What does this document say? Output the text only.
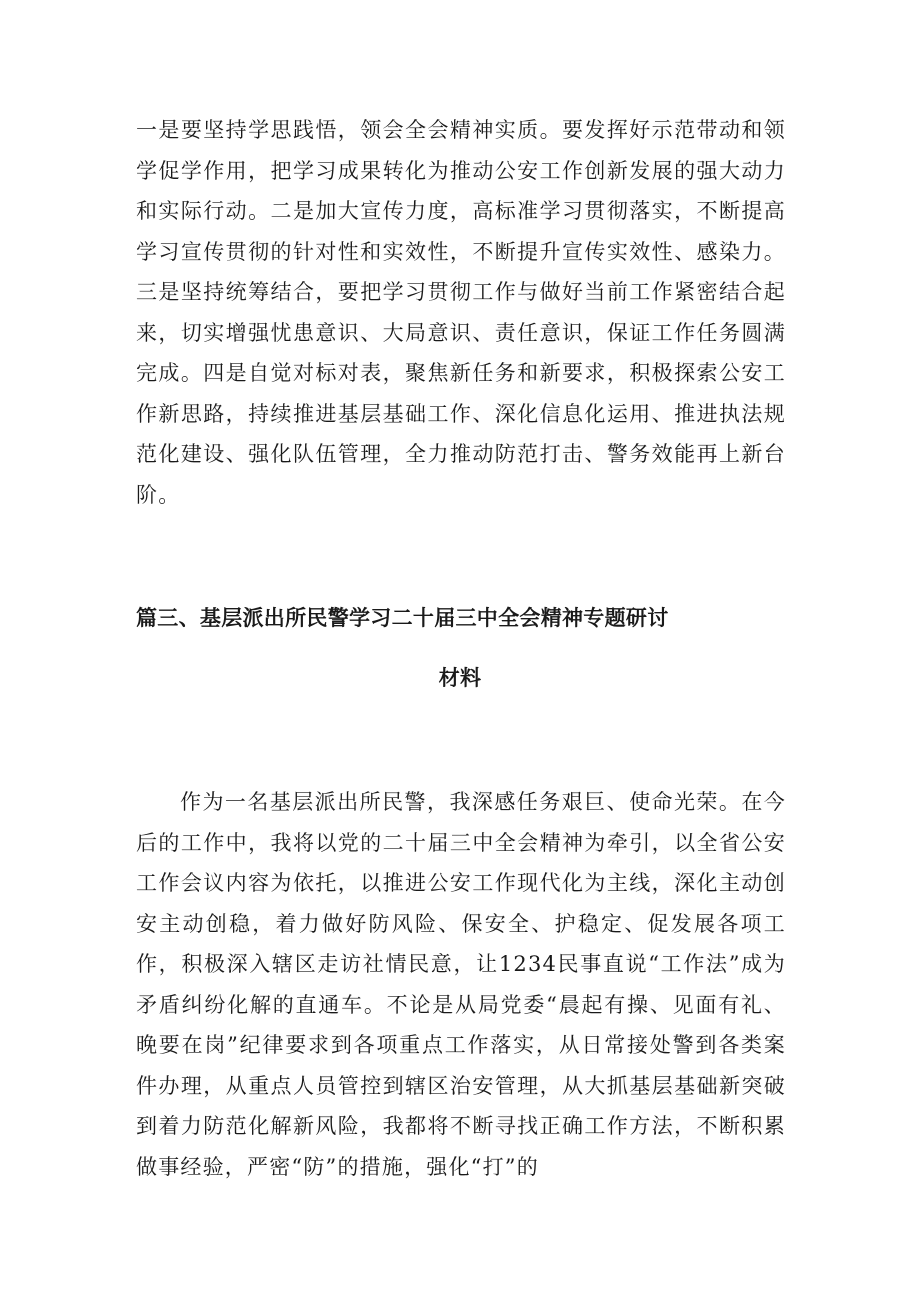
一是要坚持学思践悟，领会全会精神实质。要发挥好示范带动和领学促学作用，把学习成果转化为推动公安工作创新发展的强大动力和实际行动。二是加大宣传力度，高标准学习贯彻落实，不断提高学习宣传贯彻的针对性和实效性，不断提升宣传实效性、感染力。三是坚持统筹结合，要把学习贯彻工作与做好当前工作紧密结合起来，切实增强忧患意识、大局意识、责任意识，保证工作任务圆满完成。四是自觉对标对表，聚焦新任务和新要求，积极探索公安工作新思路，持续推进基层基础工作、深化信息化运用、推进执法规范化建设、强化队伍管理，全力推动防范打击、警务效能再上新台阶。

篇三、基层派出所民警学习二十届三中全会精神专题研讨
材料

作为一名基层派出所民警，我深感任务艰巨、使命光荣。在今后的工作中，我将以党的二十届三中全会精神为牵引，以全省公安工作会议内容为依托，以推进公安工作现代化为主线，深化主动创安主动创稳，着力做好防风险、保安全、护稳定、促发展各项工作，积极深入辖区走访社情民意，让1234民事直说“工作法”成为矛盾纠纷化解的直通车。不论是从局党委“晨起有操、见面有礼、晚要在岗”纪律要求到各项重点工作落实，从日常接处警到各类案件办理，从重点人员管控到辖区治安管理，从大抓基层基础新突破到着力防范化解新风险，我都将不断寻找正确工作方法，不断积累做事经验，严密“防”的措施，强化“打”的
